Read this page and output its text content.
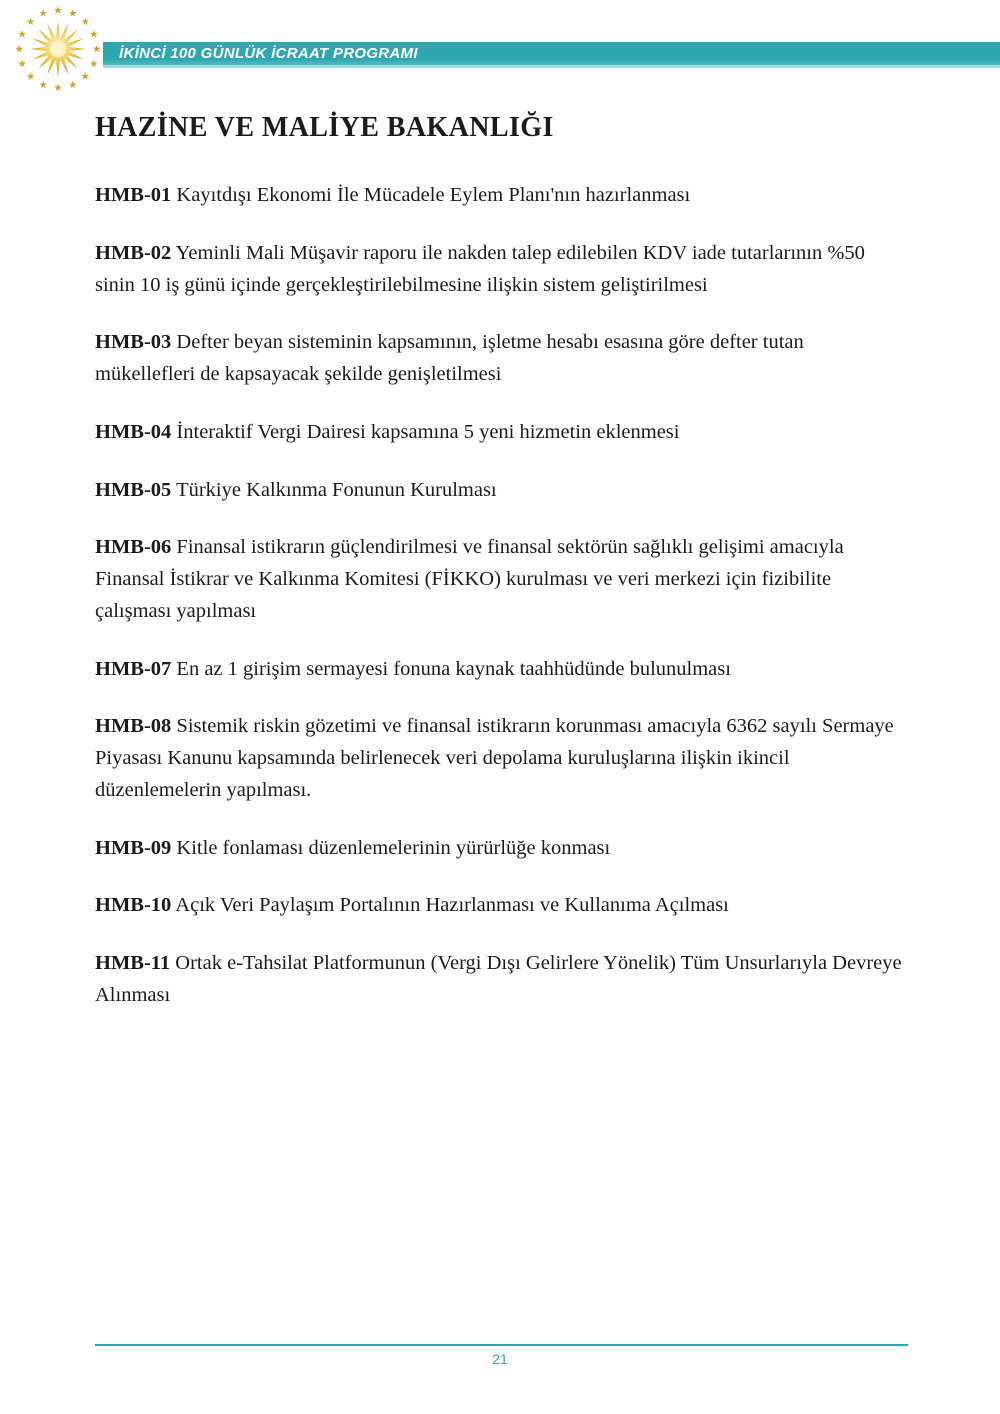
İKİNCİ 100 GÜNLÜK İCRAAT PROGRAMI
HAZİNE VE MALİYE BAKANLIĞI

HMB-01 Kayıtdışı Ekonomi İle Mücadele Eylem Planı'nın hazırlanması

HMB-02 Yeminli Mali Müşavir raporu ile nakden talep edilebilen KDV iade tutarlarının %50 sinin 10 iş günü içinde gerçekleştirilebilmesine ilişkin sistem geliştirilmesi

HMB-03 Defter beyan sisteminin kapsamının, işletme hesabı esasına göre defter tutan mükellefleri de kapsayacak şekilde genişletilmesi

HMB-04 İnteraktif Vergi Dairesi kapsamına 5 yeni hizmetin eklenmesi

HMB-05 Türkiye Kalkınma Fonunun Kurulması

HMB-06 Finansal istikrarın güçlendirilmesi ve finansal sektörün sağlıklı gelişimi amacıyla Finansal İstikrar ve Kalkınma Komitesi (FİKKO) kurulması ve veri merkezi için fizibilite çalışması yapılması

HMB-07 En az 1 girişim sermayesi fonuna kaynak taahhüdünde bulunulması

HMB-08 Sistemik riskin gözetimi ve finansal istikrarın korunması amacıyla 6362 sayılı Sermaye Piyasası Kanunu kapsamında belirlenecek veri depolama kuruluşlarına ilişkin ikincil düzenlemelerin yapılması.

HMB-09 Kitle fonlaması düzenlemelerinin yürürlüğe konması

HMB-10 Açık Veri Paylaşım Portalının Hazırlanması ve Kullanıma Açılması

HMB-11 Ortak e-Tahsilat Platformunun (Vergi Dışı Gelirlere Yönelik) Tüm Unsurlarıyla Devreye Alınması

21
